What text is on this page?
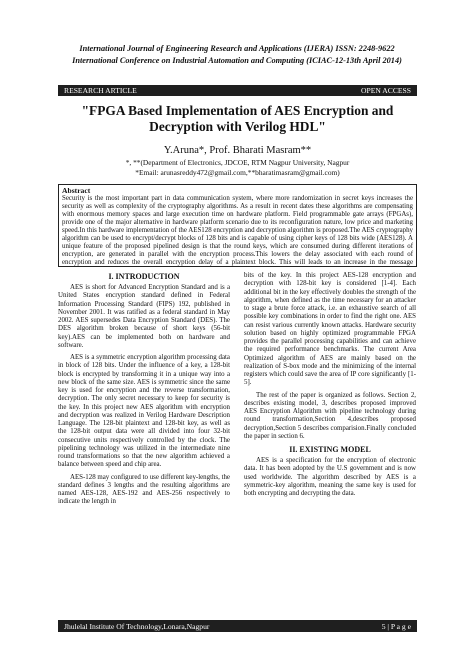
International Journal of Engineering Research and Applications (IJERA) ISSN: 2248-9622
International Conference on Industrial Automation and Computing (ICIAC-12-13th April 2014)
RESEARCH ARTICLE	OPEN ACCESS
"FPGA Based Implementation of AES Encryption and Decryption with Verilog HDL"
Y.Aruna*, Prof. Bharati Masram**
*, **(Department of Electronics, JDCOE, RTM Nagpur University, Nagpur
*Email: arunasreddy472@gmail.com,**bharatimasram@gmail.com)
Abstract
Security is the most important part in data communication system, where more randomization in secret keys increases the security as well as complexity of the cryptography algorithms. As a result in recent dates these algorithms are compensating with enormous memory spaces and large execution time on hardware platform. Field programmable gate arrays (FPGAs), provide one of the major alternative in hardware platform scenario due to its reconfiguration nature, low price and marketing speed.In this hardware implementation of the AES128 encryption and decryption algorithm is proposed.The AES cryptography algorithm can be used to encrypt/decrypt blocks of 128 bits and is capable of using cipher keys of 128 bits wide (AES128). A unique feature of the proposed pipelined design is that the round keys, which are consumed during different iterations of encryption, are generated in parallel with the encryption process.This lowers the delay associated with each round of encryption and reduces the overall encryption delay of a plaintext block. This will leads to an increase in the message
I. INTRODUCTION

AES is short for Advanced Encryption Standard and is a United States encryption standard defined in Federal Information Processing Standard (FIPS) 192, published in November 2001. It was ratified as a federal standard in May 2002. AES supersedes Data Encryption Standard (DES). The DES algorithm broken because of short keys (56-bit key).AES can be implemented both on hardware and software.

AES is a symmetric encryption algorithm processing data in block of 128 bits. Under the influence of a key, a 128-bit block is encrypted by transforming it in a unique way into a new block of the same size. AES is symmetric since the same key is used for encryption and the reverse transformation, decryption. The only secret necessary to keep for security is the key. In this project new AES algorithm with encryption and decryption was realized in Verilog Hardware Description Language. The 128-bit plaintext and 128-bit key, as well as the 128-bit output data were all divided into four 32-bit consecutive units respectively controlled by the clock. The pipelining technology was utilized in the intermediate nine round transformations so that the new algorithm achieved a balance between speed and chip area.

AES-128 may configured to use different key-lengths, the standard defines 3 lengths and the resulting algorithms are named AES-128, AES-192 and AES-256 respectively to indicate the length in

bits of the key. In this project AES-128 encryption and decryption with 128-bit key is considered [1-4]. Each additional bit in the key effectively doubles the strength of the algorithm, when defined as the time necessary for an attacker to stage a brute force attack, i.e. an exhaustive search of all possible key combinations in order to find the right one. AES can resist various currently known attacks. Hardware security solution based on highly optimized programmable FPGA provides the parallel processing capabilities and can achieve the required performance benchmarks. The current Area Optimized algorithm of AES are mainly based on the realization of S-box mode and the minimizing of the internal registers which could save the area of IP core significantly [1-5].

The rest of the paper is organized as follows. Section 2, describes existing model, 3, describes proposed improved AES Encryption Algorithm with pipeline technology during round transformation,Section 4,describes proposed decryption,Section 5 describes comparision.Finally concluded the paper in section 6.

II. EXISTING MODEL

AES is a specification for the encryption of electronic data. It has been adopted by the U.S government and is now used worldwide. The algorithm described by AES is a symmetric-key algorithm, meaning the same key is used for both encrypting and decrypting the data.

Jhulelal Institute Of Technology,Lonara,Nagpur	5 | P a g e
